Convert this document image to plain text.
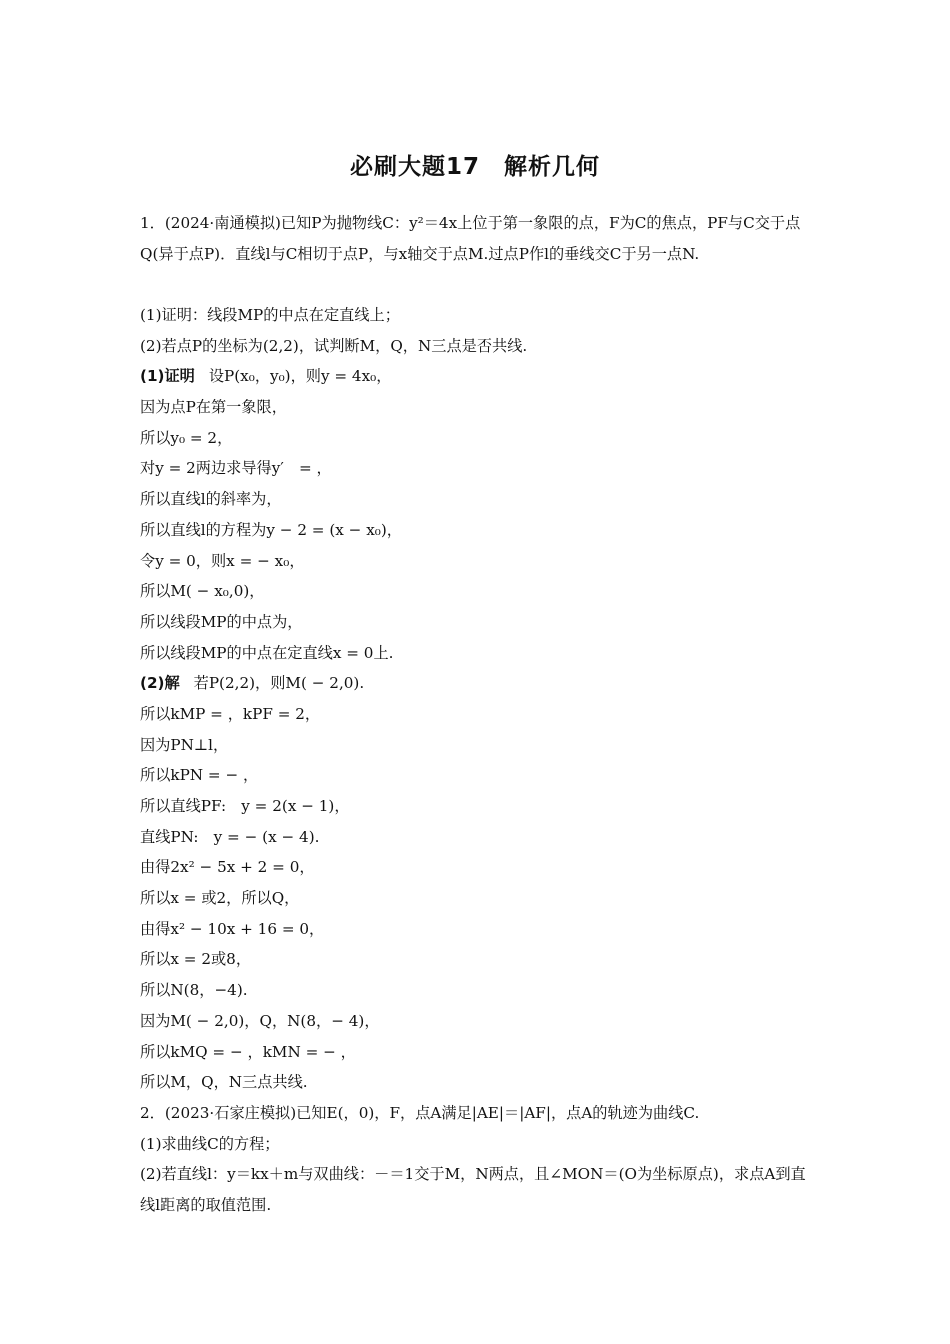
必刷大题17　解析几何
1．(2024·南通模拟)已知P为抛物线C：y²＝4x上位于第一象限的点，F为C的焦点，PF与C交于点Q(异于点P)．直线l与C相切于点P，与x轴交于点M.过点P作l的垂线交C于另一点N.
(1)证明：线段MP的中点在定直线上；
(2)若点P的坐标为(2,2)，试判断M，Q，N三点是否共线.
(1)证明 设P(x₀，y₀)，则y = 4x₀，
因为点P在第一象限，
所以y₀ = 2，
对y = 2两边求导得y′　= ，
所以直线l的斜率为，
所以直线l的方程为y − 2 = (x − x₀)，
令y = 0，则x = − x₀，
所以M( − x₀,0)，
所以线段MP的中点为，
所以线段MP的中点在定直线x = 0上.
(2)解 若P(2,2)，则M( − 2,0).
所以kMP = ，kPF = 2，
因为PN⊥l，
所以kPN = − ，
所以直线PF:　y = 2(x − 1)，
直线PN:　y = − (x − 4).
由得2x² − 5x + 2 = 0，
所以x = 或2，所以Q，
由得x² − 10x + 16 = 0，
所以x = 2或8，
所以N(8，−4).
因为M( − 2,0)，Q，N(8，− 4)，
所以kMQ = − ，kMN = − ，
所以M，Q，N三点共线.
2．(2023·石家庄模拟)已知E(，0)，F，点A满足|AE|＝|AF|，点A的轨迹为曲线C.
(1)求曲线C的方程；
(2)若直线l：y＝kx＋m与双曲线：－＝1交于M，N两点，且∠MON＝(O为坐标原点)，求点A到直线l距离的取值范围.
